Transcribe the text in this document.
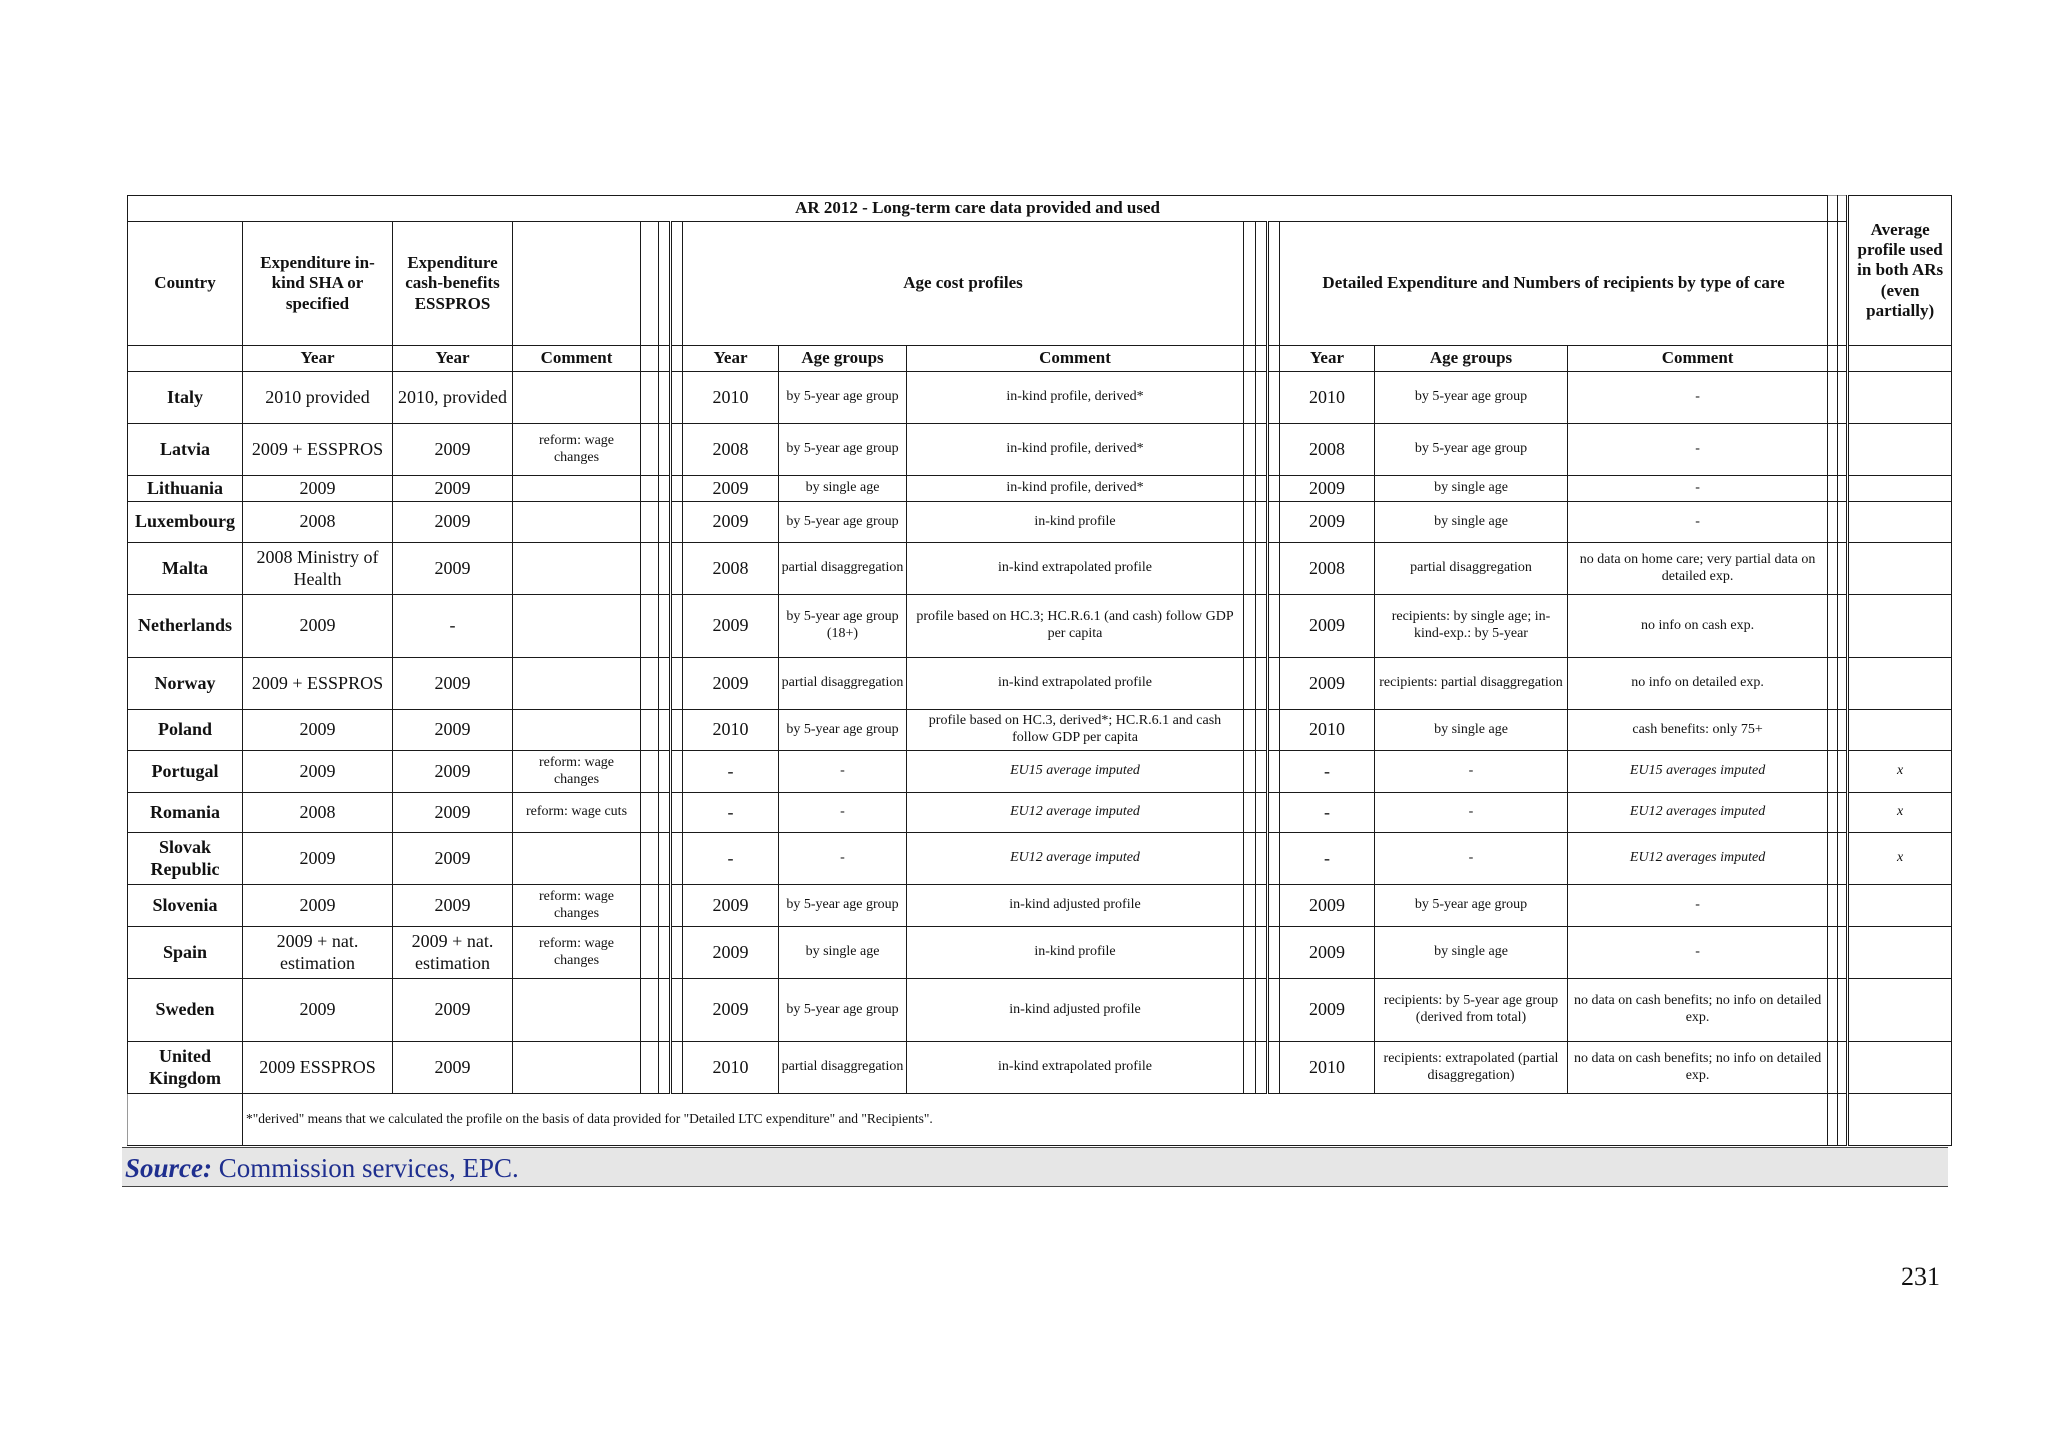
AR 2012 - Long-term care data provided and used																		Average profile used in both ARs (even partially)
Country	Expenditure in-kind SHA or specified	Expenditure cash-benefits ESSPROS					Age cost profiles						Detailed Expenditure and Numbers of recipients by type of care					
	Year	Year	Comment				Year	Age groups	Comment				Year	Age groups	Comment			
Italy	2010 provided	2010, provided					2010	by 5-year age group	in-kind profile, derived*				2010	by 5-year age group	-			
Latvia	2009 + ESSPROS	2009	reform: wage changes				2008	by 5-year age group	in-kind profile, derived*				2008	by 5-year age group	-			
Lithuania	2009	2009					2009	by single age	in-kind profile, derived*				2009	by single age	-			
Luxembourg	2008	2009					2009	by 5-year age group	in-kind profile				2009	by single age	-			
Malta	2008 Ministry of Health	2009					2008	partial disaggregation	in-kind extrapolated profile				2008	partial disaggregation	no data on home care; very partial data on detailed exp.			
Netherlands	2009	-					2009	by 5-year age group (18+)	profile based on HC.3; HC.R.6.1 (and cash) follow GDP per capita				2009	recipients: by single age; in-kind-exp.: by 5-year	no info on cash exp.			
Norway	2009 + ESSPROS	2009					2009	partial disaggregation	in-kind extrapolated profile				2009	recipients: partial disaggregation	no info on detailed exp.			
Poland	2009	2009					2010	by 5-year age group	profile based on HC.3, derived*; HC.R.6.1 and cash follow GDP per capita				2010	by single age	cash benefits: only 75+			
Portugal	2009	2009	reform: wage changes				-	-	EU15 average imputed				-	-	EU15 averages imputed			x
Romania	2008	2009	reform: wage cuts				-	-	EU12 average imputed				-	-	EU12 averages imputed			x
Slovak Republic	2009	2009					-	-	EU12 average imputed				-	-	EU12 averages imputed			x
Slovenia	2009	2009	reform: wage changes				2009	by 5-year age group	in-kind adjusted profile				2009	by 5-year age group	-			
Spain	2009 + nat. estimation	2009 + nat. estimation	reform: wage changes				2009	by single age	in-kind profile				2009	by single age	-			
Sweden	2009	2009					2009	by 5-year age group	in-kind adjusted profile				2009	recipients: by 5-year age group (derived from total)	no data on cash benefits; no info on detailed exp.			
United Kingdom	2009 ESSPROS	2009					2010	partial disaggregation	in-kind extrapolated profile				2010	recipients: extrapolated (partial disaggregation)	no data on cash benefits; no info on detailed exp.			
	*"derived" means that we calculated the profile on the basis of data provided for "Detailed LTC expenditure" and "Recipients".																	
Source: Commission services, EPC.
231
